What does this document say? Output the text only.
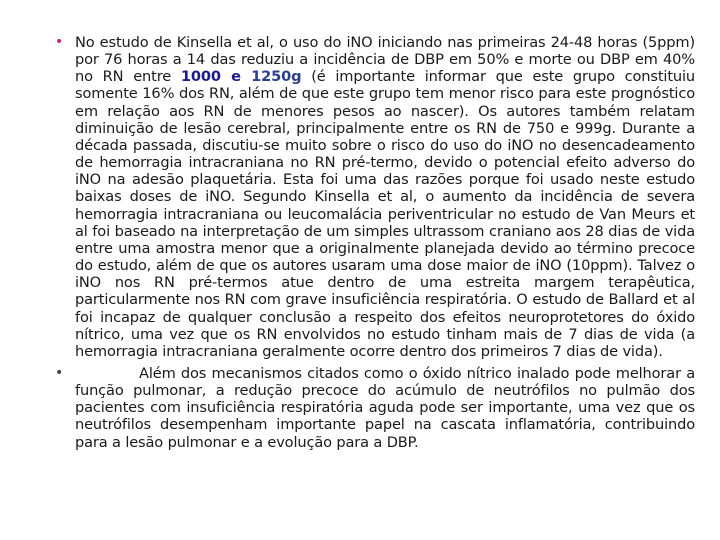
• No estudo de Kinsella et al, o uso do iNO iniciando nas primeiras 24-48 horas (5ppm) por 76 horas a 14 das reduziu a incidência de DBP em 50% e morte ou DBP em 40% no RN entre 1000 e 1250g (é importante informar que este grupo constituiu somente 16% dos RN, além de que este grupo tem menor risco para este prognóstico em relação aos RN de menores pesos ao nascer). Os autores também relatam diminuição de lesão cerebral, principalmente entre os RN de 750 e 999g. Durante a década passada, discutiu-se muito sobre o risco do uso do iNO no desencadeamento de hemorragia intracraniana no RN pré-termo, devido o potencial efeito adverso do iNO na adesão plaquetária. Esta foi uma das razões porque foi usado neste estudo baixas doses de iNO. Segundo Kinsella et al, o aumento da incidência de severa hemorragia intracraniana ou leucomalácia periventricular no estudo de Van Meurs et al foi baseado na interpretação de um simples ultrassom craniano aos 28 dias de vida entre uma amostra menor que a originalmente planejada devido ao término precoce do estudo, além de que os autores usaram uma dose maior de iNO (10ppm). Talvez o iNO nos RN pré-termos atue dentro de uma estreita margem terapêutica, particularmente nos RN com grave insuficiência respiratória. O estudo de Ballard et al foi incapaz de qualquer conclusão a respeito dos efeitos neuroprotetores do óxido nítrico, uma vez que os RN envolvidos no estudo tinham mais de 7 dias de vida (a hemorragia intracraniana geralmente ocorre dentro dos primeiros 7 dias de vida).
•	Além dos mecanismos citados como o óxido nítrico inalado pode melhorar a função pulmonar, a redução precoce do acúmulo de neutrófilos no pulmão dos pacientes com insuficiência respiratória aguda pode ser importante, uma vez que os neutrófilos desempenham importante papel na cascata inflamatória, contribuindo para a lesão pulmonar e a evolução para a DBP.
